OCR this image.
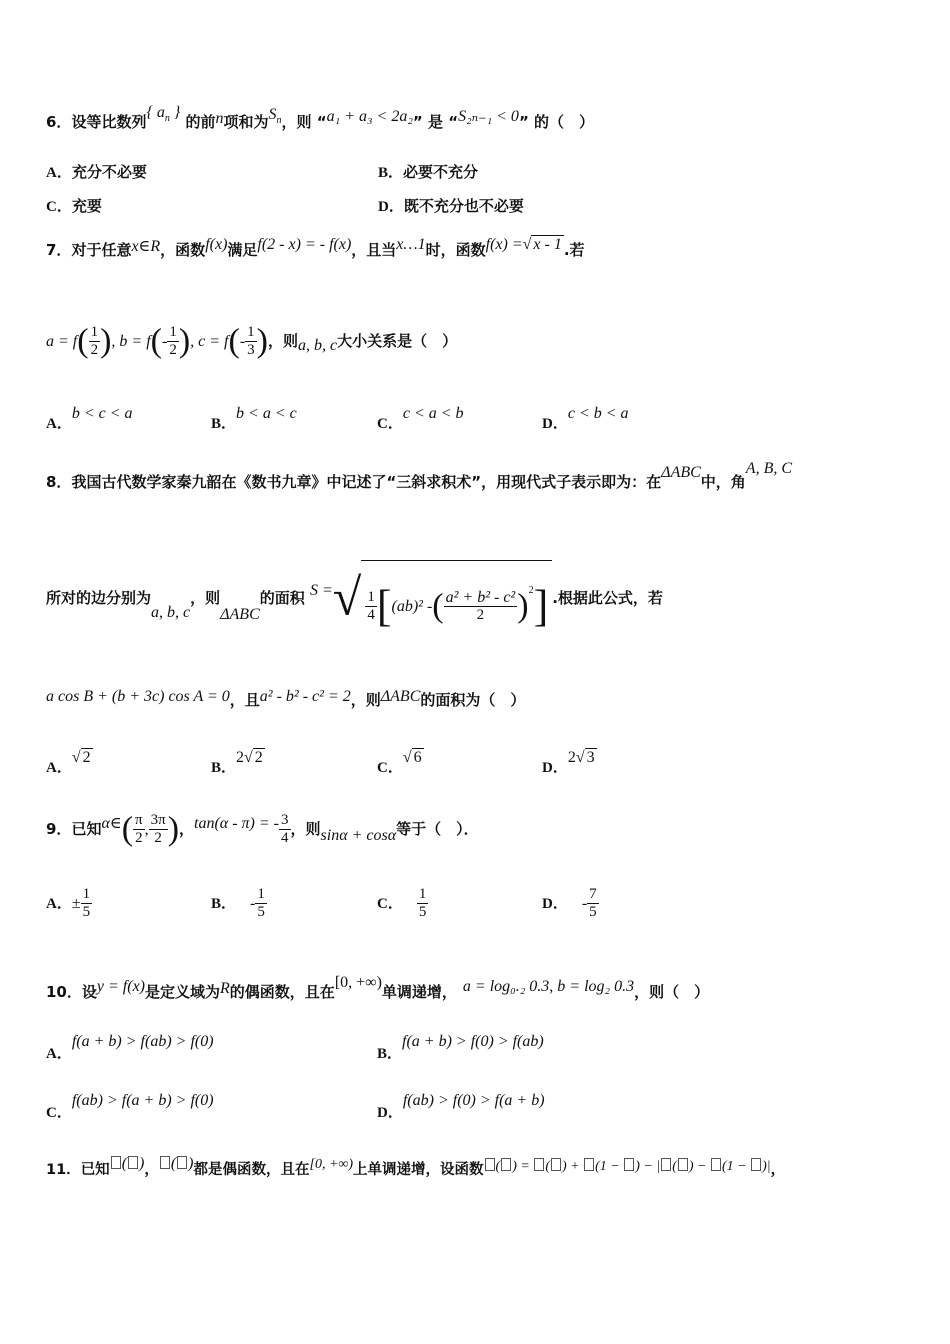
6．设等比数列{ $a_n$ } 的前n项和为$S_n$，则 “a₁ + a₃ < 2a₂” 是 “S₂ₙ₋₁ < 0” 的（　）
A．充分不必要	B．必要不充分
C．充要	D．既不充分也不必要
7．对于任意x∈R，函数f(x)满足f(2 - x) = - f(x)，且当x…1时，函数f(x) =√ x - 1 .若
$a = f( \frac{1}{2}$ ), $b = f(- \frac{1}{2}$ ), $c = f(- \frac{1}{3}$ )，则a, b, c大小关系是（　）
A．b < c < a
B．b < a < c
C．c < a < b
D．c < b < a
8．我国古代数学家秦九韶在《数书九章》中记述了“三斜求积术”，用现代式子表示即为：在ΔABC中，角A, B, C
所对的边分别为a, b, c，则ΔABC的面积 S =√ $\frac{1}{4} [(ab)^2$ -( $\frac{\text{a² + b² - c²}}{2} )^2$] .根据此公式，若
a cos B + (b + 3c) cos A = 0，且a² - b² - c² = 2，则ΔABC的面积为（　）
A．√ 2
B．2√ 2
C．√ 6
D．2√ 3
9．已知α∈( $\frac{\pi}{2}$ , $\frac{3\pi}{2}$ )，tan(α - π) = - $\frac{3}{4}$ ，则sinα + cosα等于（　）．
A．± $\frac{1}{5}$	B． - $\frac{1}{5}$	C． $\frac{1}{5}$	D． - $\frac{7}{5}$
10．设y = f(x)是定义域为R的偶函数，且在[0, +∞)单调递增， a = log₀.₂ 0.3, b = log₂ 0.3，则（　）
A．f(a + b) > f(ab) > f(0)
B．f(a + b) > f(0) > f(ab)
C．f(ab) > f(a + b) > f(0)
D．f(ab) > f(0) > f(a + b)
11．已知 ( )， ( )都是偶函数，且在[0, +∞)上单调递增，设函数 ( ) = ( ) + (1 − ) − | ( ) − (1 − )|，
